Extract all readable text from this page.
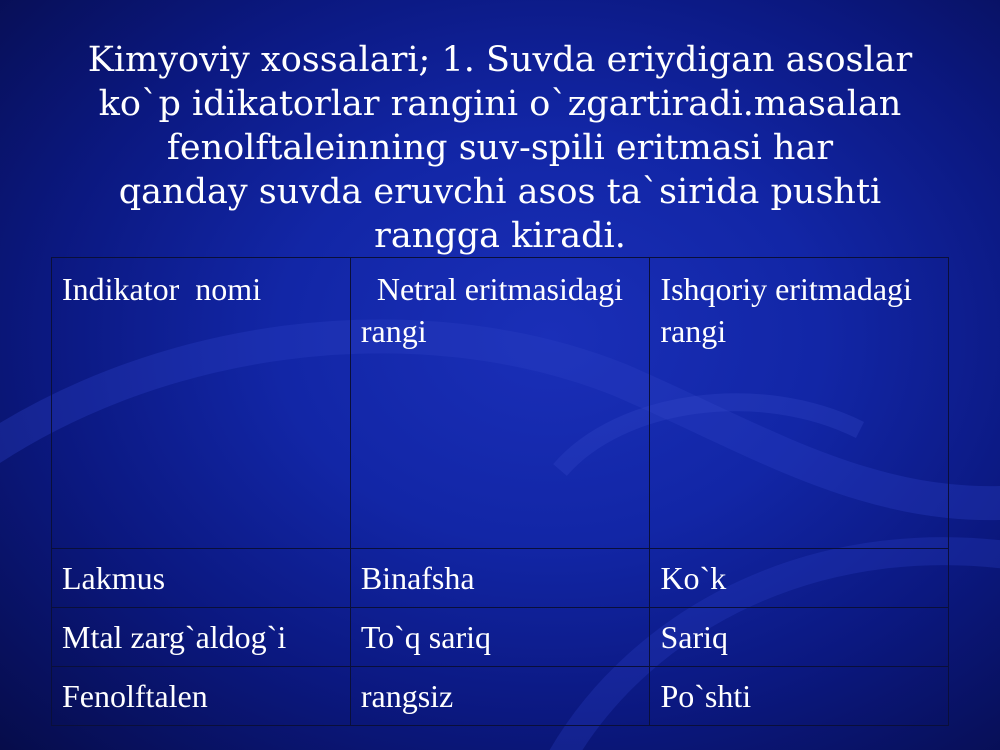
Kimyoviy xossalari; 1. Suvda eriydigan asoslar
ko`p idikatorlar rangini o`zgartiradi.masalan
fenolftaleinning suv-spili eritmasi har
qanday suvda eruvchi asos ta`sirida pushti
rangga kiradi.
Indikator  nomi	Netral eritmasidagi rangi	Ishqoriy eritmadagi rangi
Lakmus	Binafsha	Ko`k
Mtal zarg`aldog`i	To`q sariq	Sariq
Fenolftalen	rangsiz	Po`shti
